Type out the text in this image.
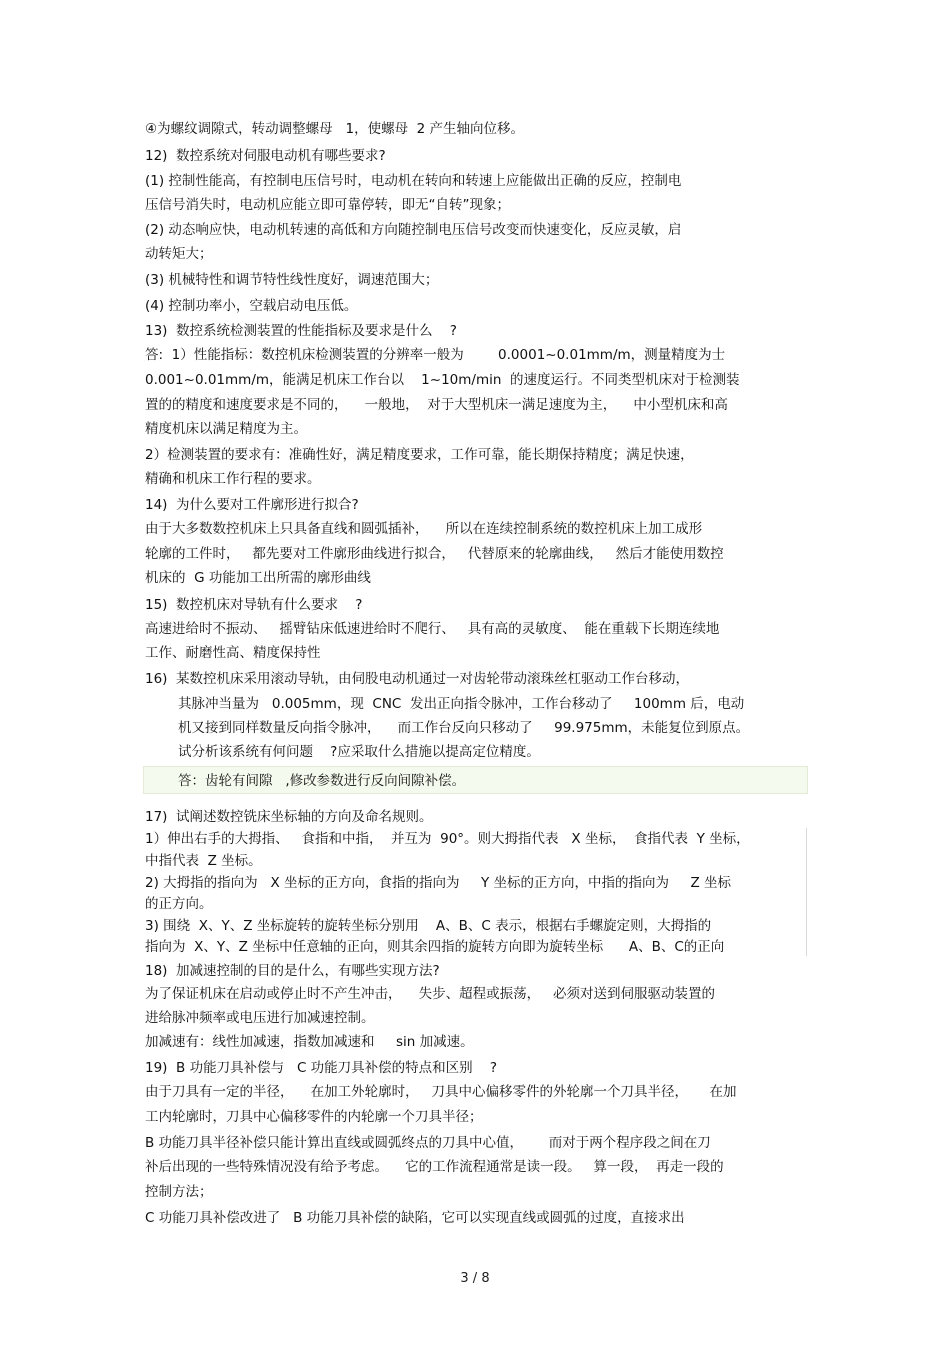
④为螺纹调隙式，转动调整螺母   1，使螺母  2 产生轴向位移。
12)  数控系统对伺服电动机有哪些要求?
(1) 控制性能高，有控制电压信号时，电动机在转向和转速上应能做出正确的反应，控制电
压信号消失时，电动机应能立即可靠停转，即无“自转”现象；
(2) 动态响应快，电动机转速的高低和方向随控制电压信号改变而快速变化，反应灵敏，启
动转矩大；
(3) 机械特性和调节特性线性度好，调速范围大；
(4) 控制功率小，空载启动电压低。
13)  数控系统检测装置的性能指标及要求是什么    ?
答:  1）性能指标：数控机床检测装置的分辨率一般为        0.0001~0.01mm/m，测量精度为士
0.001~0.01mm/m，能满足机床工作台以    1~10m/min  的速度运行。不同类型机床对于检测装
置的的精度和速度要求是不同的，    一般地，  对于大型机床一满足速度为主，    中小型机床和高
精度机床以满足精度为主。
2）检测装置的要求有：准确性好，满足精度要求，工作可靠，能长期保持精度；满足快速，
精确和机床工作行程的要求。
14)  为什么要对工件廓形进行拟合?
由于大多数数控机床上只具备直线和圆弧插补，    所以在连续控制系统的数控机床上加工成形
轮廓的工件时，   都先要对工件廓形曲线进行拟合，   代替原来的轮廓曲线，   然后才能使用数控
机床的  G 功能加工出所需的廓形曲线
15)  数控机床对导轨有什么要求    ?
高速进给时不振动、   摇臂钻床低速进给时不爬行、   具有高的灵敏度、  能在重载下长期连续地
工作、耐磨性高、精度保持性
16)  某数控机床采用滚动导轨，由伺股电动机通过一对齿轮带动滚珠丝杠驱动工作台移动，
其脉冲当量为   0.005mm，现  CNC  发出正向指令脉冲，工作台移动了     100mm 后，电动
机又接到同样数量反向指令脉冲，    而工作台反向只移动了     99.975mm，未能复位到原点。
试分析该系统有何问题    ?应采取什么措施以提高定位精度。
答：齿轮有间隙   ,修改参数进行反向间隙补偿。
17)  试阐述数控铣床坐标轴的方向及命名规则。
1）伸出右手的大拇指、   食指和中指，  并互为  90°。则大拇指代表   X 坐标，  食指代表  Y 坐标，
中指代表  Z 坐标。
2) 大拇指的指向为   X 坐标的正方向，食指的指向为     Y 坐标的正方向，中指的指向为     Z 坐标
的正方向。
3) 围绕  X、Y、Z 坐标旋转的旋转坐标分别用    A、B、C 表示，根据右手螺旋定则，大拇指的
指向为  X、Y、Z 坐标中任意轴的正向，则其余四指的旋转方向即为旋转坐标      A、B、C的正向
18)  加减速控制的目的是什么，有哪些实现方法?
为了保证机床在启动或停止时不产生冲击，    失步、超程或振荡，   必须对送到伺服驱动装置的
进给脉冲频率或电压进行加减速控制。
加减速有：线性加减速，指数加减速和     sin 加减速。
19)  B 功能刀具补偿与   C 功能刀具补偿的特点和区别    ?
由于刀具有一定的半径，    在加工外轮廓时，   刀具中心偏移零件的外轮廓一个刀具半径，     在加
工内轮廓时，刀具中心偏移零件的内轮廓一个刀具半径；
B 功能刀具半径补偿只能计算出直线或圆弧终点的刀具中心值，      而对于两个程序段之间在刀
补后出现的一些特殊情况没有给予考虑。    它的工作流程通常是读一段。   算一段，  再走一段的
控制方法；
C 功能刀具补偿改进了   B 功能刀具补偿的缺陷，它可以实现直线或圆弧的过度，直接求出
3 / 8
